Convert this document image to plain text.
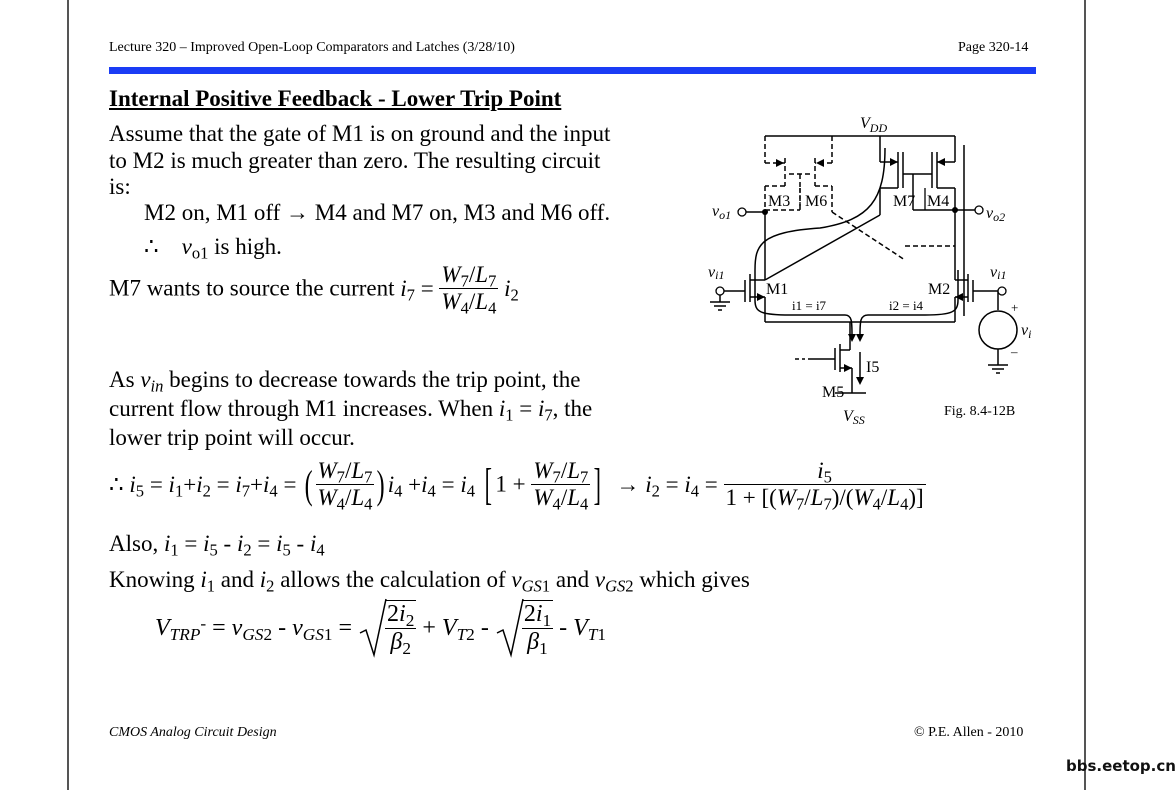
Lecture 320 – Improved Open-Loop Comparators and Latches (3/28/10)	Page 320-14
Internal Positive Feedback - Lower Trip Point
Assume that the gate of M1 is on ground and the input
to M2 is much greater than zero. The resulting circuit
is:
M2 on, M1 off → M4 and M7 on, M3 and M6 off.
∴ $v_{o1}$ is high.
M7 wants to source the current $i_7 = \frac{W_7/L_7}{W_4/L_4} i_2$
As $v_{in}$ begins to decrease towards the trip point, the
current flow through M1 increases. When $i_1 = i_7$, the
lower trip point will occur.
∴ $i_5 = i_1+i_2 = i_7+i_4$ = ( $\frac{W_7/L_7}{W_4/L_4}$ ) $i_4 +i_4 = i_4$ [ $1 + \frac{W_7/L_7}{W_4/L_4}$ ]  → $i_2 = i_4 = \frac{i_5}{1 + [(W_7/L_7)/(W_4/L_4)]}$
Also, $i_1 = i_5 - i_2 = i_5 - i_4$
Knowing $i_1$ and $i_2$ allows the calculation of $v_{GS1}$ and $v_{GS2}$ which gives
$V_{TRP}^- = v_{GS2} - v_{GS1} = \frac{2i_2}{\beta_2} + V_{T2} - \frac{2i_1}{\beta_1} - V_{T1}$
$V_{DD}$
M3 M6	M7 M4
vo1	vo2
vi1	vi1
M1	M2
i1 = i7	i2 = i4
I5
M5
VSS
+
–
vi
Fig. 8.4-12B
CMOS Analog Circuit Design	© P.E. Allen - 2010
bbs.eetop.cn
